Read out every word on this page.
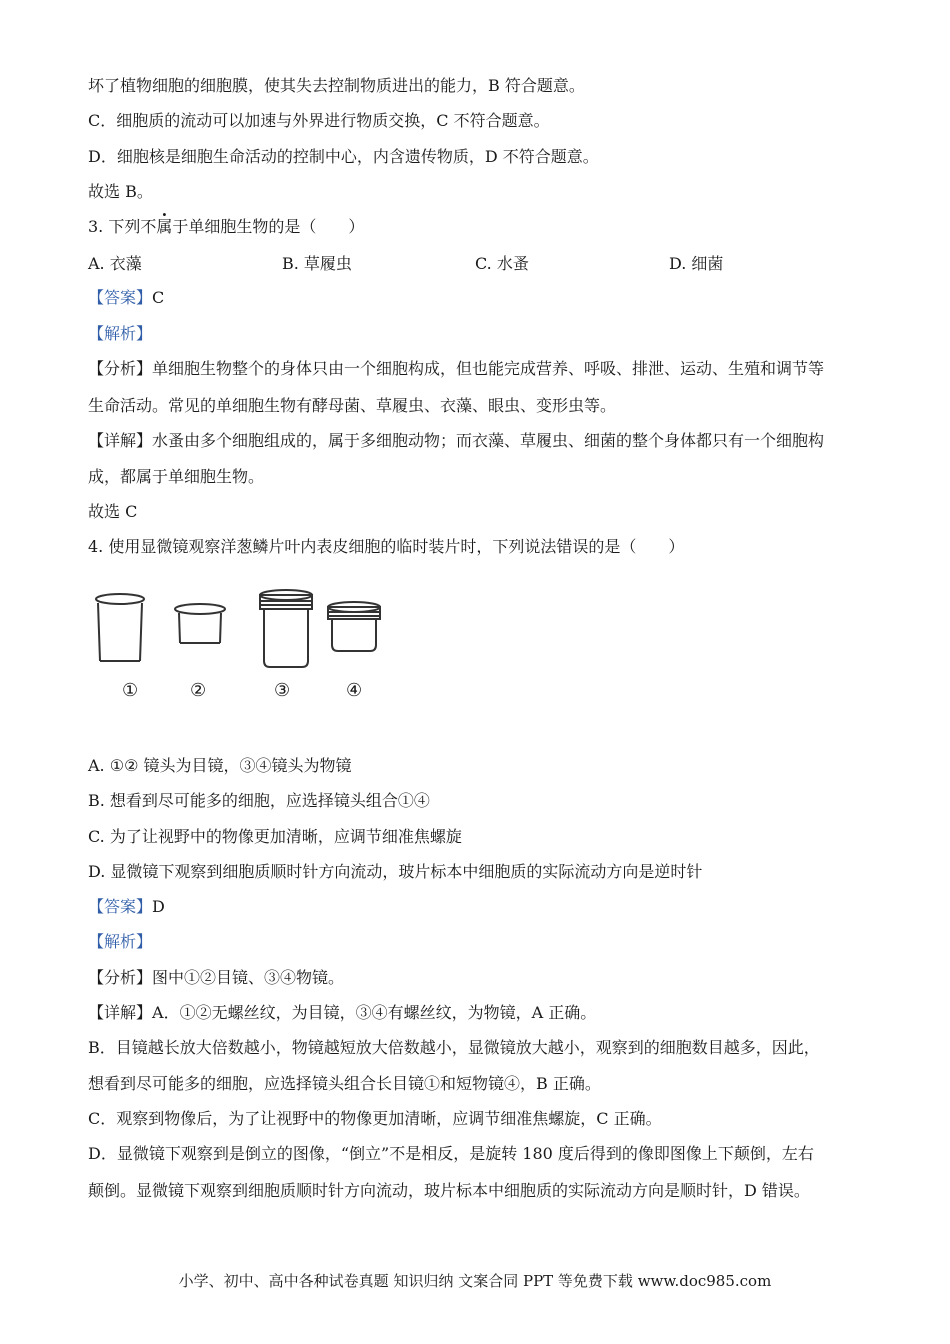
坏了植物细胞的细胞膜，使其失去控制物质进出的能力，B 符合题意。
C．细胞质的流动可以加速与外界进行物质交换，C 不符合题意。
D．细胞核是细胞生命活动的控制中心，内含遗传物质，D 不符合题意。
故选 B。
3. 下列不属于单细胞生物的是（　　）
A. 衣藻	B. 草履虫	C. 水蚤	D. 细菌
【答案】C
【解析】
【分析】单细胞生物整个的身体只由一个细胞构成，但也能完成营养、呼吸、排泄、运动、生殖和调节等
生命活动。常见的单细胞生物有酵母菌、草履虫、衣藻、眼虫、变形虫等。
【详解】水蚤由多个细胞组成的，属于多细胞动物；而衣藻、草履虫、细菌的整个身体都只有一个细胞构
成，都属于单细胞生物。
故选 C
4. 使用显微镜观察洋葱鳞片叶内表皮细胞的临时装片时，下列说法错误的是（　　）
①	②	③	④
A. ①② 镜头为目镜，③④镜头为物镜
B. 想看到尽可能多的细胞，应选择镜头组合①④
C. 为了让视野中的物像更加清晰，应调节细准焦螺旋
D. 显微镜下观察到细胞质顺时针方向流动，玻片标本中细胞质的实际流动方向是逆时针
【答案】D
【解析】
【分析】图中①②目镜、③④物镜。
【详解】A．①②无螺丝纹，为目镜，③④有螺丝纹，为物镜，A 正确。
B．目镜越长放大倍数越小，物镜越短放大倍数越小，显微镜放大越小，观察到的细胞数目越多，因此，
想看到尽可能多的细胞，应选择镜头组合长目镜①和短物镜④，B 正确。
C．观察到物像后，为了让视野中的物像更加清晰，应调节细准焦螺旋，C 正确。
D．显微镜下观察到是倒立的图像，“倒立”不是相反，是旋转 180 度后得到的像即图像上下颠倒，左右
颠倒。显微镜下观察到细胞质顺时针方向流动，玻片标本中细胞质的实际流动方向是顺时针，D 错误。
小学、初中、高中各种试卷真题 知识归纳 文案合同 PPT 等免费下载 www.doc985.com
